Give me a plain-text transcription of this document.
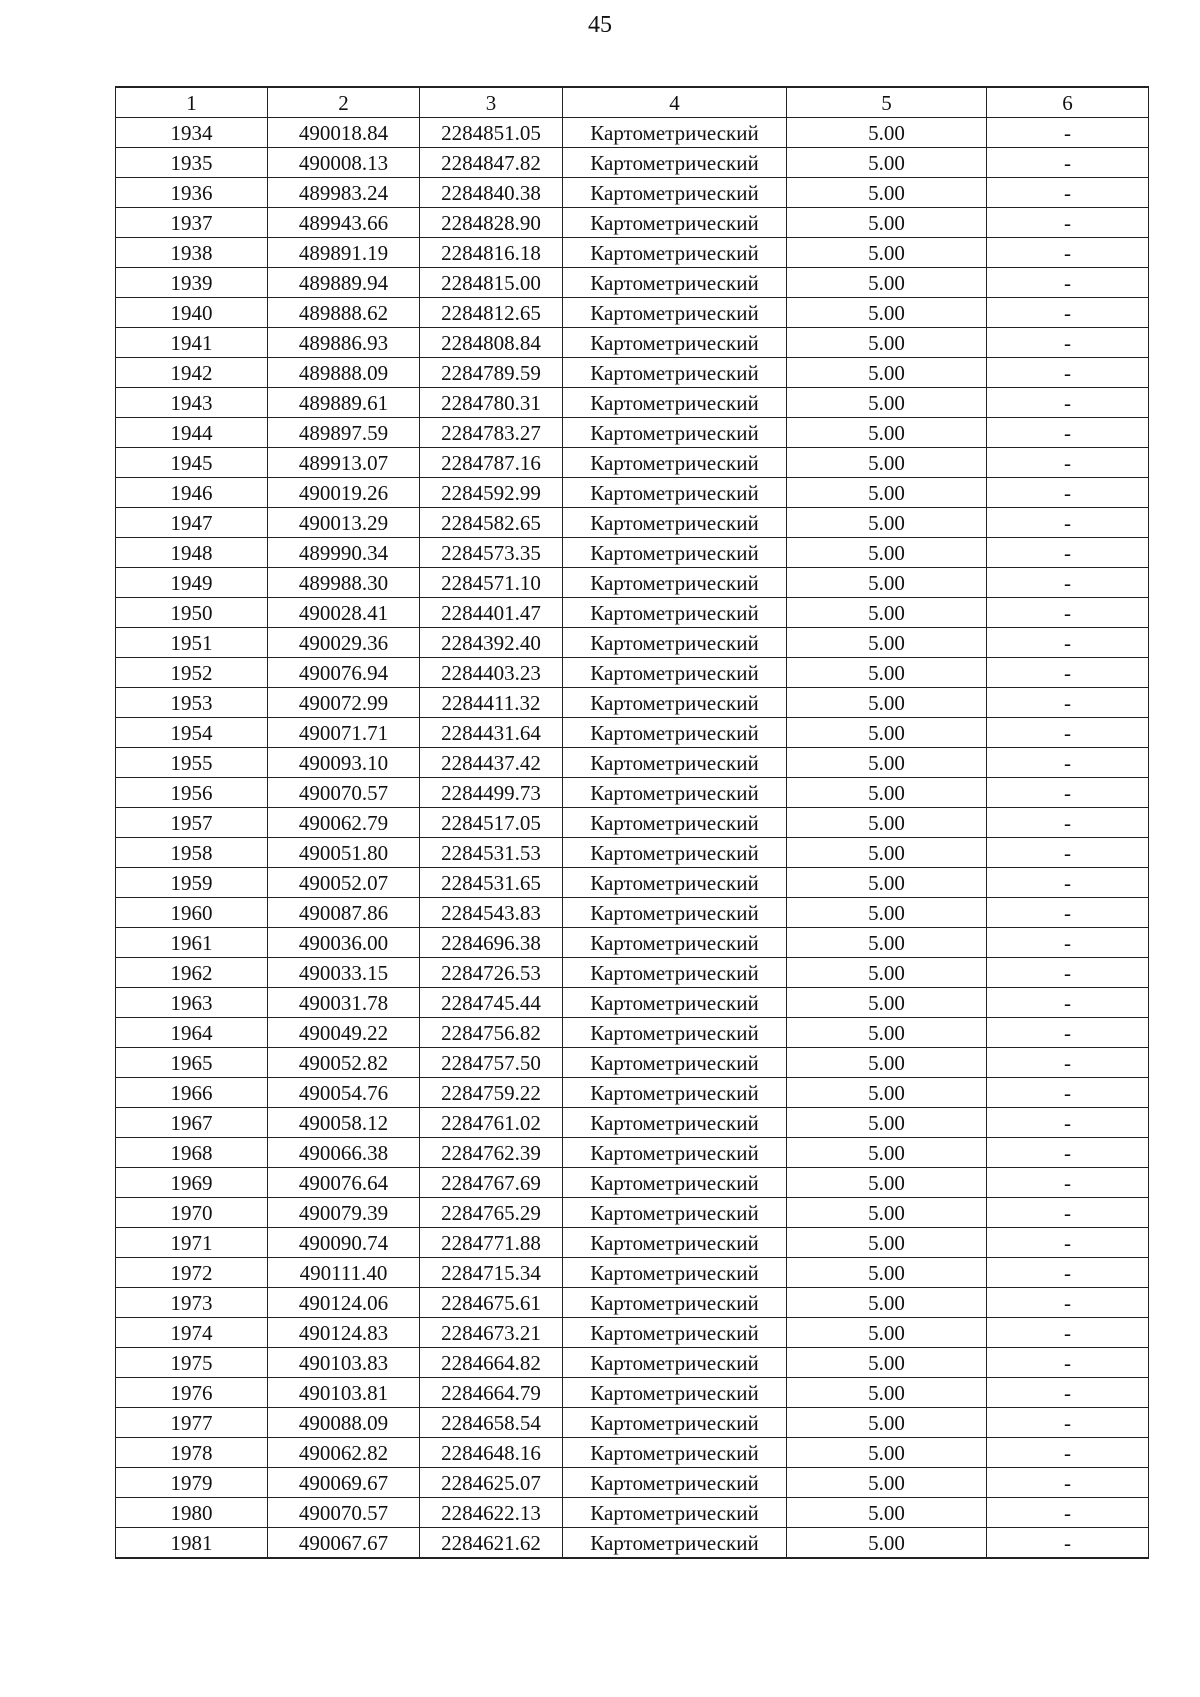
45
1	2	3	4	5	6
1934	490018.84	2284851.05	Картометрический	5.00	-
1935	490008.13	2284847.82	Картометрический	5.00	-
1936	489983.24	2284840.38	Картометрический	5.00	-
1937	489943.66	2284828.90	Картометрический	5.00	-
1938	489891.19	2284816.18	Картометрический	5.00	-
1939	489889.94	2284815.00	Картометрический	5.00	-
1940	489888.62	2284812.65	Картометрический	5.00	-
1941	489886.93	2284808.84	Картометрический	5.00	-
1942	489888.09	2284789.59	Картометрический	5.00	-
1943	489889.61	2284780.31	Картометрический	5.00	-
1944	489897.59	2284783.27	Картометрический	5.00	-
1945	489913.07	2284787.16	Картометрический	5.00	-
1946	490019.26	2284592.99	Картометрический	5.00	-
1947	490013.29	2284582.65	Картометрический	5.00	-
1948	489990.34	2284573.35	Картометрический	5.00	-
1949	489988.30	2284571.10	Картометрический	5.00	-
1950	490028.41	2284401.47	Картометрический	5.00	-
1951	490029.36	2284392.40	Картометрический	5.00	-
1952	490076.94	2284403.23	Картометрический	5.00	-
1953	490072.99	2284411.32	Картометрический	5.00	-
1954	490071.71	2284431.64	Картометрический	5.00	-
1955	490093.10	2284437.42	Картометрический	5.00	-
1956	490070.57	2284499.73	Картометрический	5.00	-
1957	490062.79	2284517.05	Картометрический	5.00	-
1958	490051.80	2284531.53	Картометрический	5.00	-
1959	490052.07	2284531.65	Картометрический	5.00	-
1960	490087.86	2284543.83	Картометрический	5.00	-
1961	490036.00	2284696.38	Картометрический	5.00	-
1962	490033.15	2284726.53	Картометрический	5.00	-
1963	490031.78	2284745.44	Картометрический	5.00	-
1964	490049.22	2284756.82	Картометрический	5.00	-
1965	490052.82	2284757.50	Картометрический	5.00	-
1966	490054.76	2284759.22	Картометрический	5.00	-
1967	490058.12	2284761.02	Картометрический	5.00	-
1968	490066.38	2284762.39	Картометрический	5.00	-
1969	490076.64	2284767.69	Картометрический	5.00	-
1970	490079.39	2284765.29	Картометрический	5.00	-
1971	490090.74	2284771.88	Картометрический	5.00	-
1972	490111.40	2284715.34	Картометрический	5.00	-
1973	490124.06	2284675.61	Картометрический	5.00	-
1974	490124.83	2284673.21	Картометрический	5.00	-
1975	490103.83	2284664.82	Картометрический	5.00	-
1976	490103.81	2284664.79	Картометрический	5.00	-
1977	490088.09	2284658.54	Картометрический	5.00	-
1978	490062.82	2284648.16	Картометрический	5.00	-
1979	490069.67	2284625.07	Картометрический	5.00	-
1980	490070.57	2284622.13	Картометрический	5.00	-
1981	490067.67	2284621.62	Картометрический	5.00	-
